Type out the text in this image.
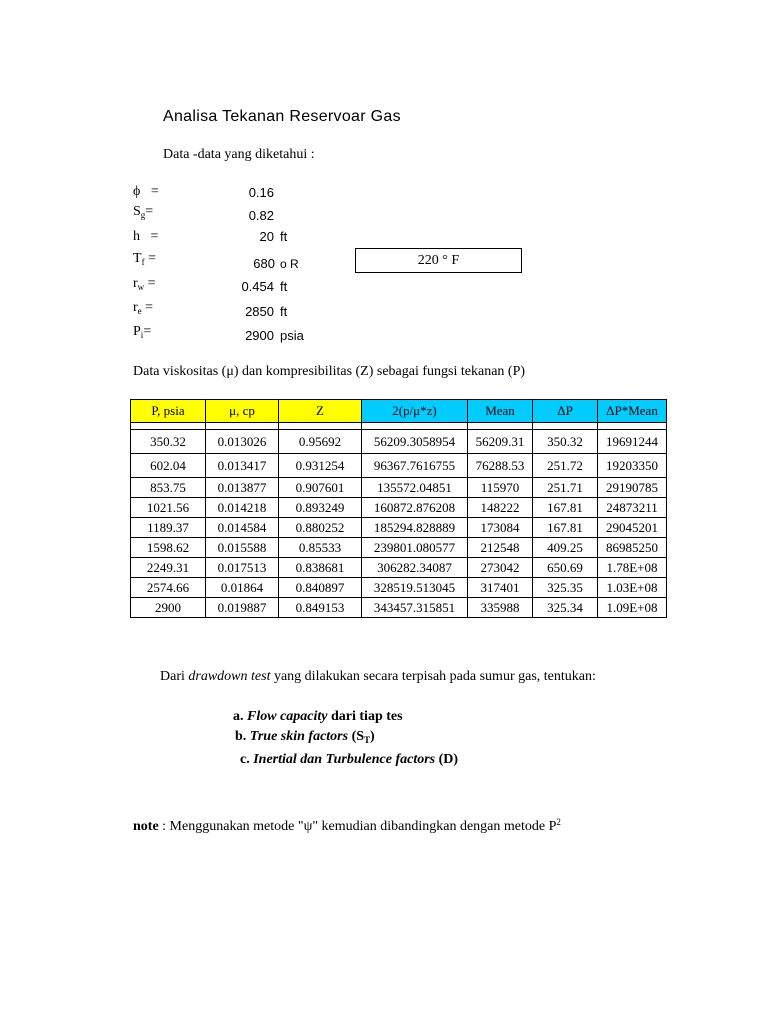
Analisa Tekanan Reservoar Gas
Data -data yang diketahui :
ϕ =	0.16
$S_g=$	0.82
h =	20 ft
$T_f$ =	680 o R	220 ° F
$r_w$ =	0.454 ft
$r_e$ =	2850 ft
$P_i=$	2900 psia
Data viskositas (μ) dan kompresibilitas (Z) sebagai fungsi tekanan (P)
P, psia	μ, cp	Z	2(p/μ*z)	Mean	ΔP	ΔP*Mean

350.32	0.013026	0.95692	56209.3058954	56209.31	350.32	19691244
602.04	0.013417	0.931254	96367.7616755	76288.53	251.72	19203350
853.75	0.013877	0.907601	135572.04851	115970	251.71	29190785
1021.56	0.014218	0.893249	160872.876208	148222	167.81	24873211
1189.37	0.014584	0.880252	185294.828889	173084	167.81	29045201
1598.62	0.015588	0.85533	239801.080577	212548	409.25	86985250
2249.31	0.017513	0.838681	306282.34087	273042	650.69	1.78E+08
2574.66	0.01864	0.840897	328519.513045	317401	325.35	1.03E+08
2900	0.019887	0.849153	343457.315851	335988	325.34	1.09E+08
Dari drawdown test yang dilakukan secara terpisah pada sumur gas, tentukan:
a. Flow capacity dari tiap tes
b. True skin factors $(S_T)$
c. Inertial dan Turbulence factors (D)
note : Menggunakan metode "ψ" kemudian dibandingkan dengan metode $P^2$
